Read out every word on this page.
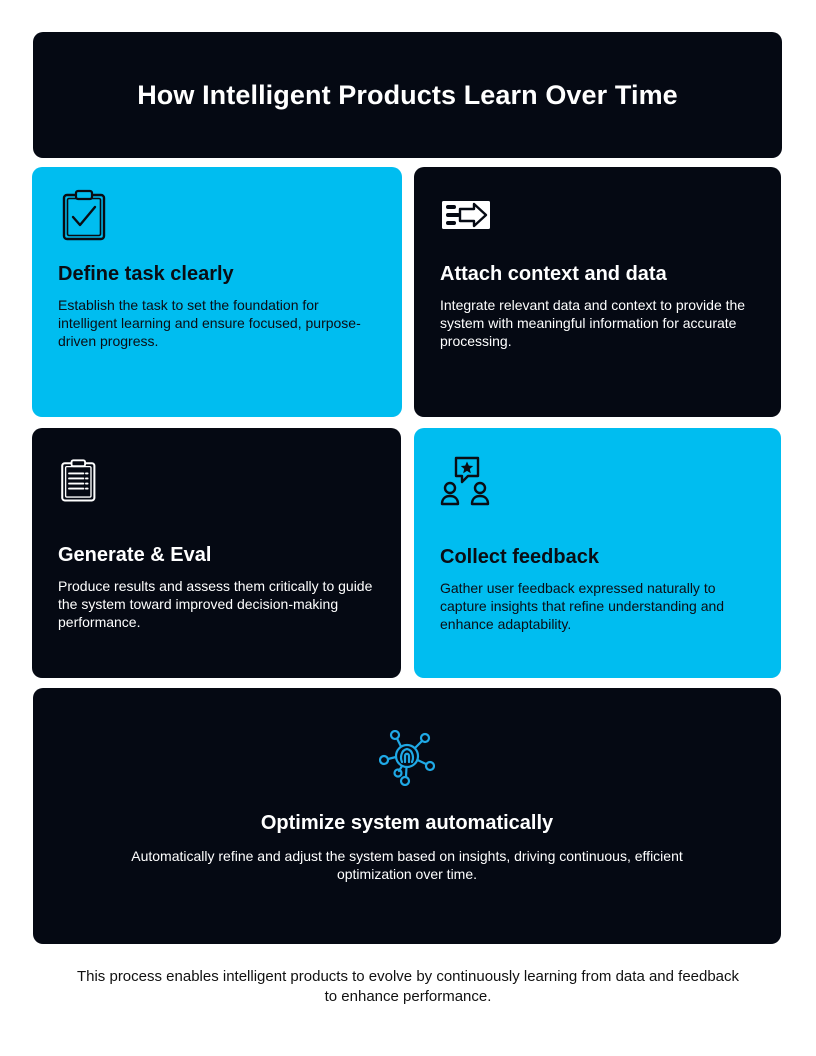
How Intelligent Products Learn Over Time
Define task clearly

Establish the task to set the foundation for intelligent learning and ensure focused, purpose-driven progress.

Attach context and data

Integrate relevant data and context to provide the system with meaningful information for accurate processing.

Generate & Eval

Produce results and assess them critically to guide the system toward improved decision-making performance.

Collect feedback

Gather user feedback expressed naturally to capture insights that refine understanding and enhance adaptability.

Optimize system automatically

Automatically refine and adjust the system based on insights, driving continuous, efficient optimization over time.

This process enables intelligent products to evolve by continuously learning from data and feedback to enhance performance.
